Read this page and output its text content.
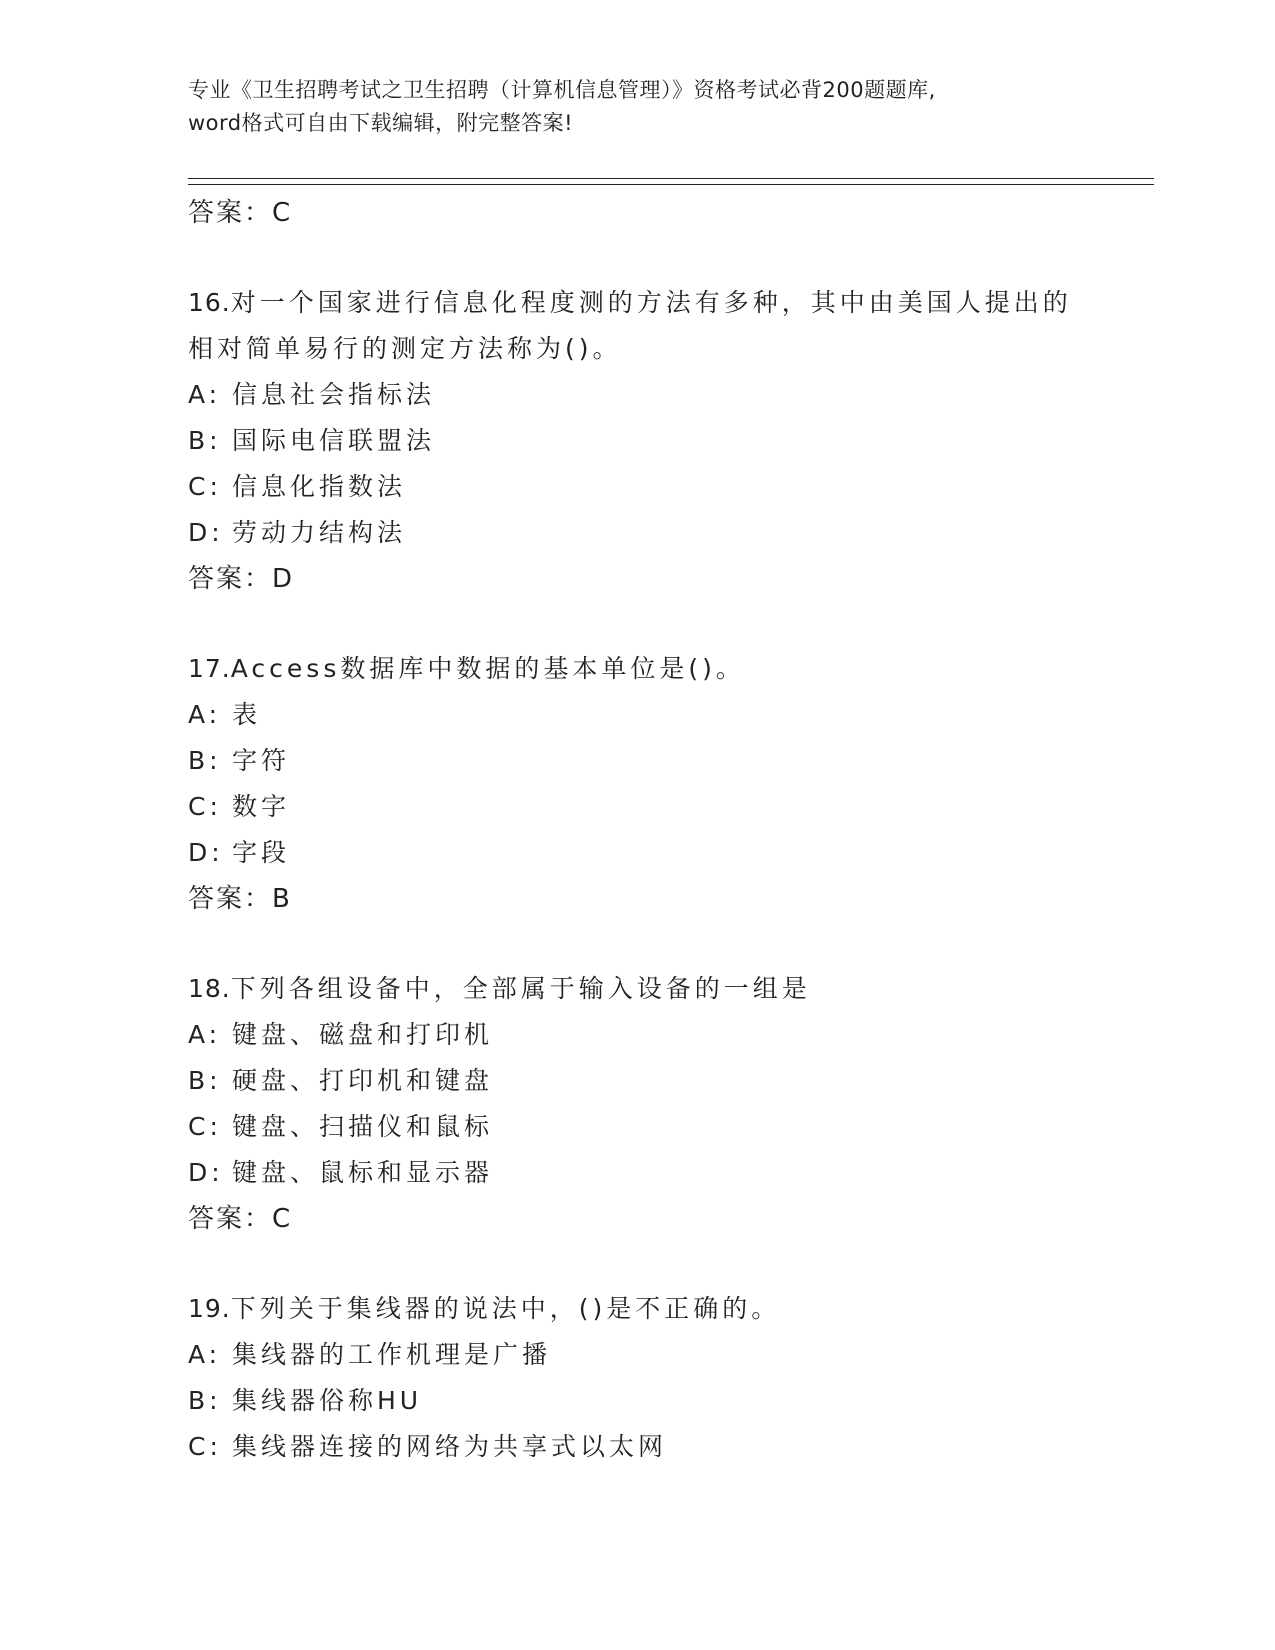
专业《卫生招聘考试之卫生招聘（计算机信息管理）》资格考试必背200题题库,
word格式可自由下载编辑，附完整答案!
答案：C
16.对一个国家进行信息化程度测的方法有多种，其中由美国人提出的相对简单易行的测定方法称为()。
A: 信息社会指标法
B: 国际电信联盟法
C: 信息化指数法
D: 劳动力结构法
答案：D
17.Access数据库中数据的基本单位是()。
A: 表
B: 字符
C: 数字
D: 字段
答案：B
18.下列各组设备中，全部属于输入设备的一组是
A: 键盘、磁盘和打印机
B: 硬盘、打印机和键盘
C: 键盘、扫描仪和鼠标
D: 键盘、鼠标和显示器
答案：C
19.下列关于集线器的说法中，()是不正确的。
A: 集线器的工作机理是广播
B: 集线器俗称HU
C: 集线器连接的网络为共享式以太网
